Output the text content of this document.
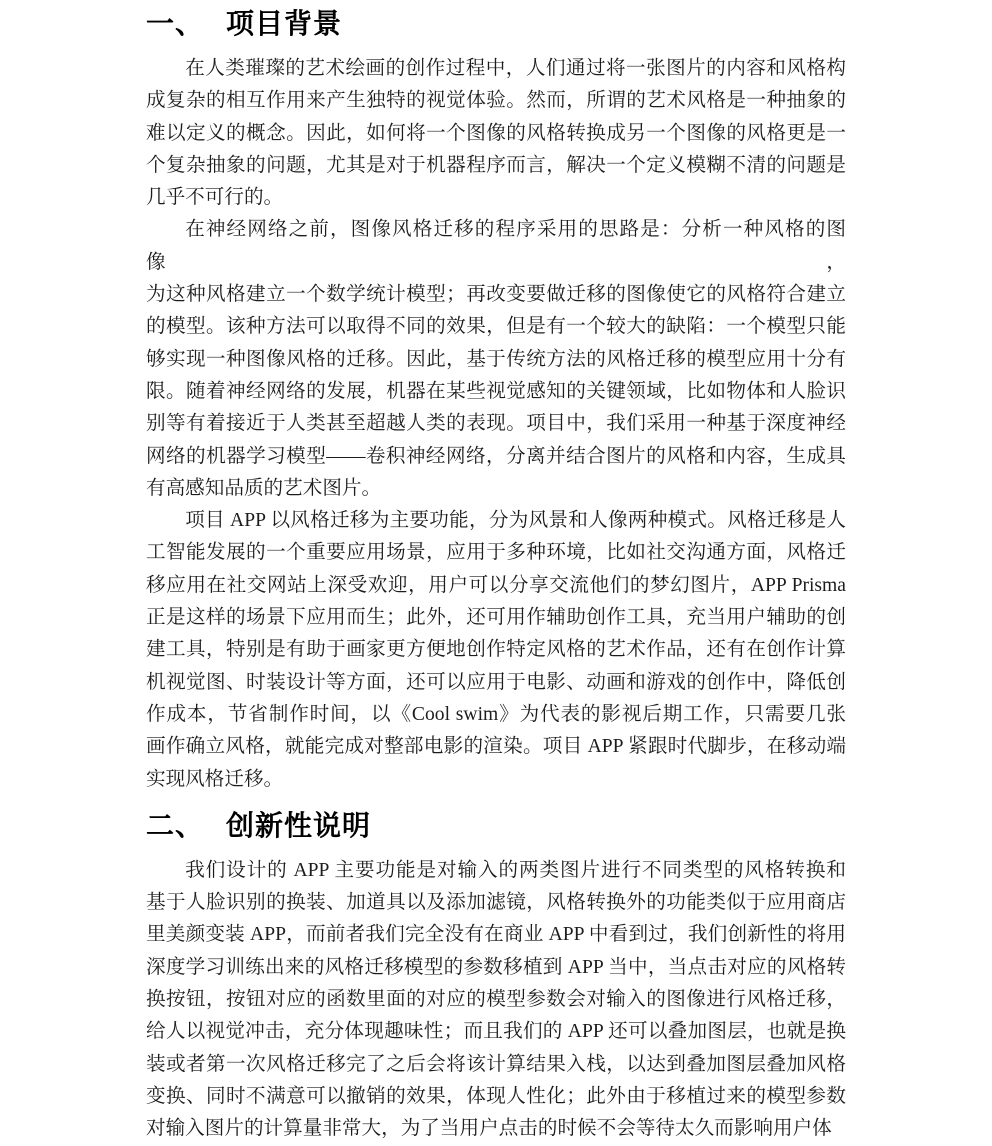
一、 项目背景
在人类璀璨的艺术绘画的创作过程中，人们通过将一张图片的内容和风格构
成复杂的相互作用来产生独特的视觉体验。然而，所谓的艺术风格是一种抽象的
难以定义的概念。因此，如何将一个图像的风格转换成另一个图像的风格更是一
个复杂抽象的问题，尤其是对于机器程序而言，解决一个定义模糊不清的问题是
几乎不可行的。
在神经网络之前，图像风格迁移的程序采用的思路是：分析一种风格的图像，
为这种风格建立一个数学统计模型；再改变要做迁移的图像使它的风格符合建立
的模型。该种方法可以取得不同的效果，但是有一个较大的缺陷：一个模型只能
够实现一种图像风格的迁移。因此，基于传统方法的风格迁移的模型应用十分有
限。随着神经网络的发展，机器在某些视觉感知的关键领域，比如物体和人脸识
别等有着接近于人类甚至超越人类的表现。项目中，我们采用一种基于深度神经
网络的机器学习模型——卷积神经网络，分离并结合图片的风格和内容，生成具
有高感知品质的艺术图片。
项目 APP 以风格迁移为主要功能，分为风景和人像两种模式。风格迁移是人
工智能发展的一个重要应用场景，应用于多种环境，比如社交沟通方面，风格迁
移应用在社交网站上深受欢迎，用户可以分享交流他们的梦幻图片，APP Prisma
正是这样的场景下应用而生；此外，还可用作辅助创作工具，充当用户辅助的创
建工具，特别是有助于画家更方便地创作特定风格的艺术作品，还有在创作计算
机视觉图、时装设计等方面，还可以应用于电影、动画和游戏的创作中，降低创
作成本，节省制作时间，以《Cool swim》为代表的影视后期工作，只需要几张
画作确立风格，就能完成对整部电影的渲染。项目 APP 紧跟时代脚步，在移动端
实现风格迁移。
二、 创新性说明
我们设计的 APP 主要功能是对输入的两类图片进行不同类型的风格转换和
基于人脸识别的换装、加道具以及添加滤镜，风格转换外的功能类似于应用商店
里美颜变装 APP，而前者我们完全没有在商业 APP 中看到过，我们创新性的将用
深度学习训练出来的风格迁移模型的参数移植到 APP 当中，当点击对应的风格转
换按钮，按钮对应的函数里面的对应的模型参数会对输入的图像进行风格迁移，
给人以视觉冲击，充分体现趣味性；而且我们的 APP 还可以叠加图层，也就是换
装或者第一次风格迁移完了之后会将该计算结果入栈，以达到叠加图层叠加风格
变换、同时不满意可以撤销的效果，体现人性化；此外由于移植过来的模型参数
对输入图片的计算量非常大，为了当用户点击的时候不会等待太久而影响用户体
